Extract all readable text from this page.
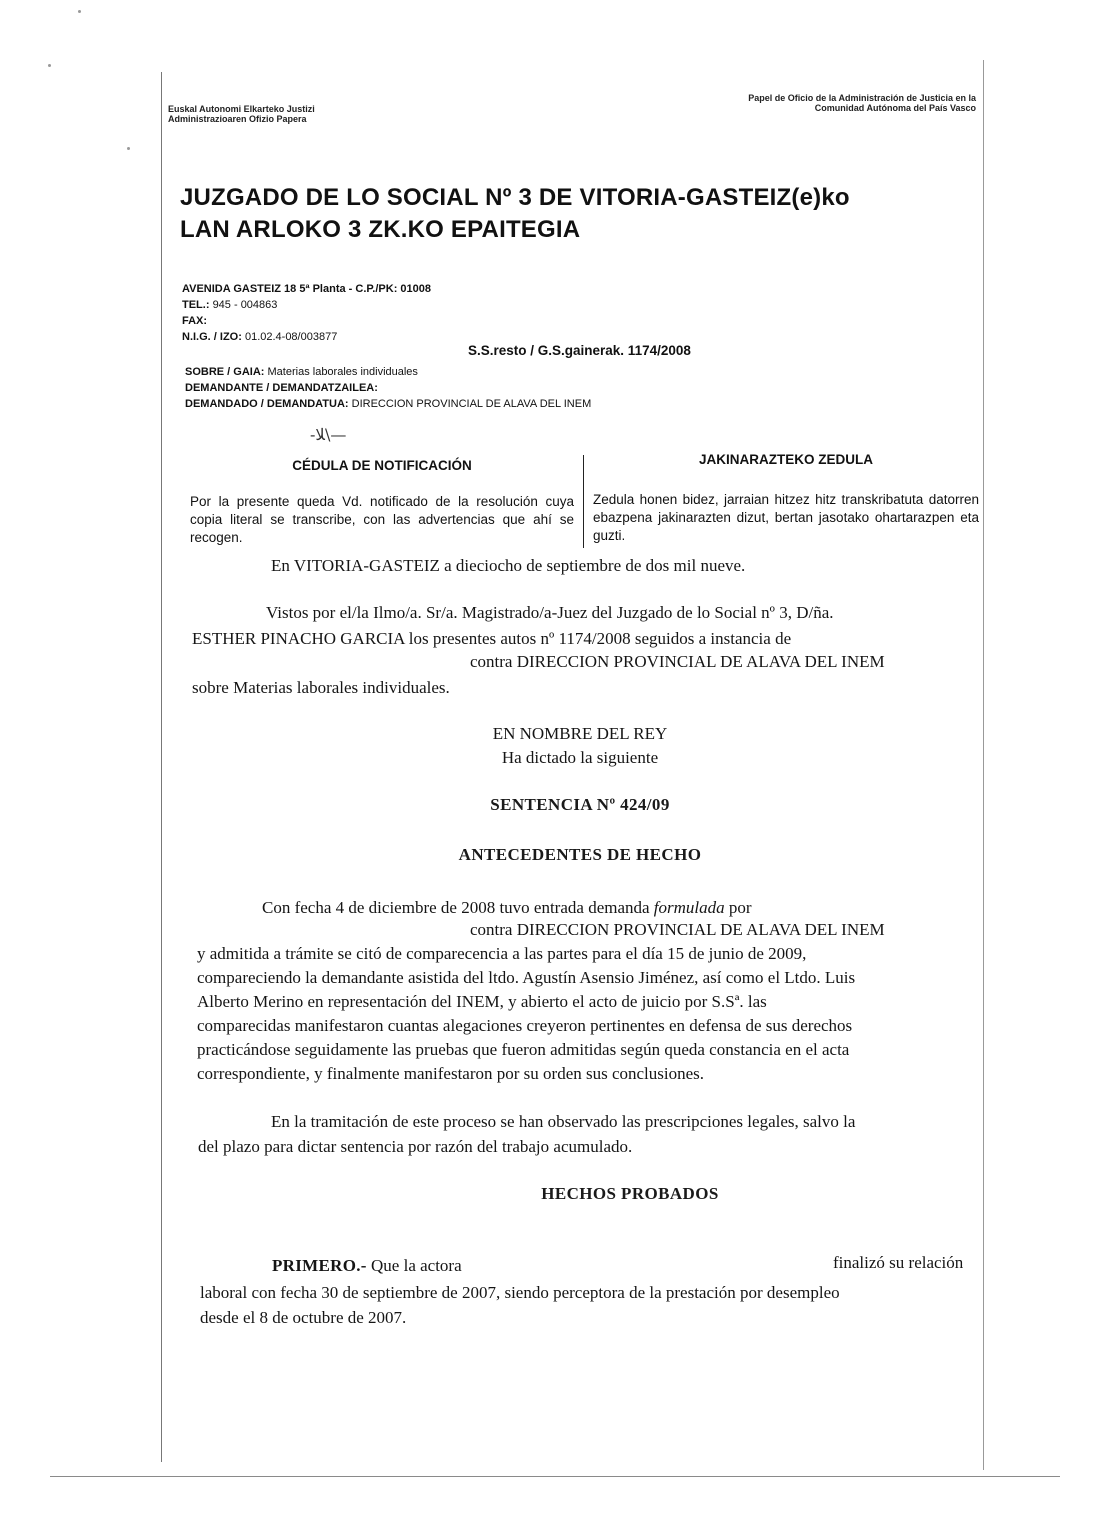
Euskal Autonomi Elkarteko Justizi
Administrazioaren Ofizio Papera
Papel de Oficio de la Administración de Justicia en la
Comunidad Autónoma del País Vasco
JUZGADO DE LO SOCIAL Nº 3 DE VITORIA-GASTEIZ(e)ko
LAN ARLOKO 3 ZK.KO EPAITEGIA
AVENIDA GASTEIZ 18 5ª Planta - C.P./PK: 01008
TEL.: 945 - 004863
FAX:
N.I.G. / IZO: 01.02.4-08/003877
S.S.resto / G.S.gainerak. 1174/2008
SOBRE / GAIA: Materias laborales individuales
DEMANDANTE / DEMANDATZAILEA:
DEMANDADO / DEMANDATUA: DIRECCION PROVINCIAL DE ALAVA DEL INEM
-ﻼ\—
CÉDULA DE NOTIFICACIÓN
Por la presente queda Vd. notificado de la resolución cuya copia literal se transcribe, con las advertencias que ahí se recogen.
JAKINARAZTEKO ZEDULA
Zedula honen bidez, jarraian hitzez hitz transkribatuta datorren ebazpena jakinarazten dizut, bertan jasotako ohartarazpen eta guzti.
En VITORIA-GASTEIZ a dieciocho de septiembre de dos mil nueve.
Vistos por el/la Ilmo/a. Sr/a. Magistrado/a-Juez del Juzgado de lo Social nº 3, D/ña.
ESTHER PINACHO GARCIA los presentes autos nº 1174/2008 seguidos a instancia de
contra DIRECCION PROVINCIAL DE ALAVA DEL INEM
sobre Materias laborales individuales.
EN NOMBRE DEL REY
Ha dictado la siguiente
SENTENCIA Nº 424/09
ANTECEDENTES DE HECHO
Con fecha 4 de diciembre de 2008 tuvo entrada demanda formulada por
contra DIRECCION PROVINCIAL DE ALAVA DEL INEM
y admitida a trámite se citó de comparecencia a las partes para el día 15 de junio de 2009,
compareciendo la demandante asistida del ltdo. Agustín Asensio Jiménez, así como el Ltdo. Luis
Alberto Merino en representación del INEM, y abierto el acto de juicio por S.Sª. las
comparecidas manifestaron cuantas alegaciones creyeron pertinentes en defensa de sus derechos
practicándose seguidamente las pruebas que fueron admitidas según queda constancia en el acta
correspondiente, y finalmente manifestaron por su orden sus conclusiones.
En la tramitación de este proceso se han observado las prescripciones legales, salvo la
del plazo para dictar sentencia por razón del trabajo acumulado.
HECHOS PROBADOS
PRIMERO.- Que la actora	finalizó su relación
laboral con fecha 30 de septiembre de 2007, siendo perceptora de la prestación por desempleo
desde el 8 de octubre de 2007.
